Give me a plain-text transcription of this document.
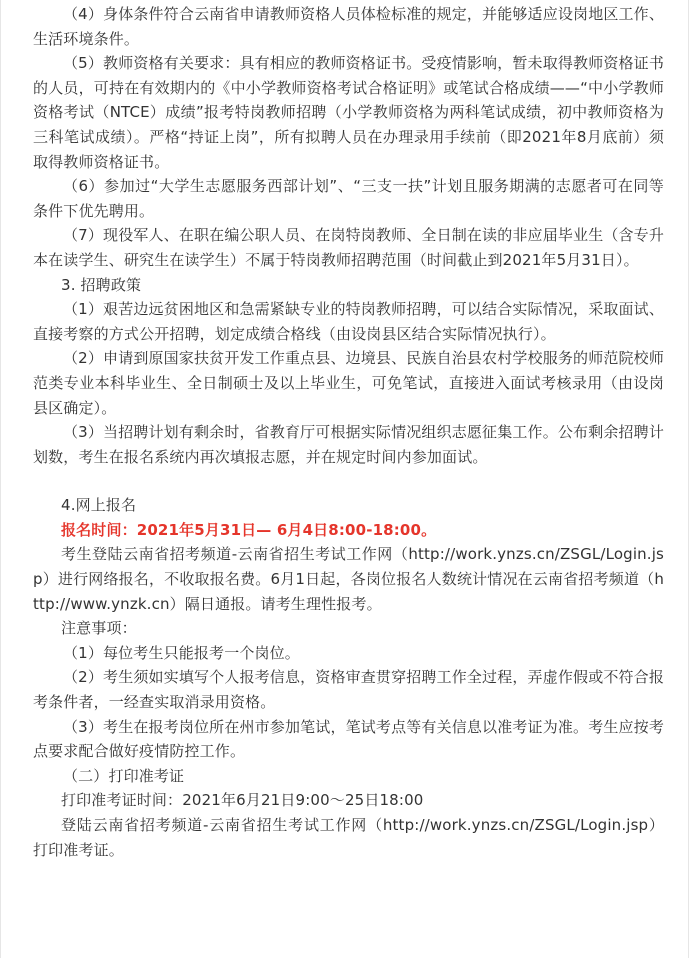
（4）身体条件符合云南省申请教师资格人员体检标准的规定，并能够适应设岗地区工作、生活环境条件。

（5）教师资格有关要求：具有相应的教师资格证书。受疫情影响，暂未取得教师资格证书的人员，可持在有效期内的《中小学教师资格考试合格证明》或笔试合格成绩——“中小学教师资格考试（NTCE）成绩”报考特岗教师招聘（小学教师资格为两科笔试成绩，初中教师资格为三科笔试成绩）。严格“持证上岗”，所有拟聘人员在办理录用手续前（即2021年8月底前）须取得教师资格证书。

（6）参加过“大学生志愿服务西部计划”、“三支一扶”计划且服务期满的志愿者可在同等条件下优先聘用。

（7）现役军人、在职在编公职人员、在岗特岗教师、全日制在读的非应届毕业生（含专升本在读学生、研究生在读学生）不属于特岗教师招聘范围（时间截止到2021年5月31日）。

3. 招聘政策

（1）艰苦边远贫困地区和急需紧缺专业的特岗教师招聘，可以结合实际情况，采取面试、直接考察的方式公开招聘，划定成绩合格线（由设岗县区结合实际情况执行）。

（2）申请到原国家扶贫开发工作重点县、边境县、民族自治县农村学校服务的师范院校师范类专业本科毕业生、全日制硕士及以上毕业生，可免笔试，直接进入面试考核录用（由设岗县区确定）。

（3）当招聘计划有剩余时，省教育厅可根据实际情况组织志愿征集工作。公布剩余招聘计划数，考生在报名系统内再次填报志愿，并在规定时间内参加面试。

4.网上报名

报名时间：2021年5月31日— 6月4日8:00-18:00。

考生登陆云南省招考频道-云南省招生考试工作网（http://work.ynzs.cn/ZSGL/Login.jsp）进行网络报名，不收取报名费。6月1日起，各岗位报名人数统计情况在云南省招考频道（http://www.ynzk.cn）隔日通报。请考生理性报考。

注意事项：

（1）每位考生只能报考一个岗位。

（2）考生须如实填写个人报考信息，资格审查贯穿招聘工作全过程，弄虚作假或不符合报考条件者，一经查实取消录用资格。

（3）考生在报考岗位所在州市参加笔试，笔试考点等有关信息以准考证为准。考生应按考点要求配合做好疫情防控工作。

（二）打印准考证

打印准考证时间：2021年6月21日9:00～25日18:00

登陆云南省招考频道-云南省招生考试工作网（http://work.ynzs.cn/ZSGL/Login.jsp）打印准考证。
